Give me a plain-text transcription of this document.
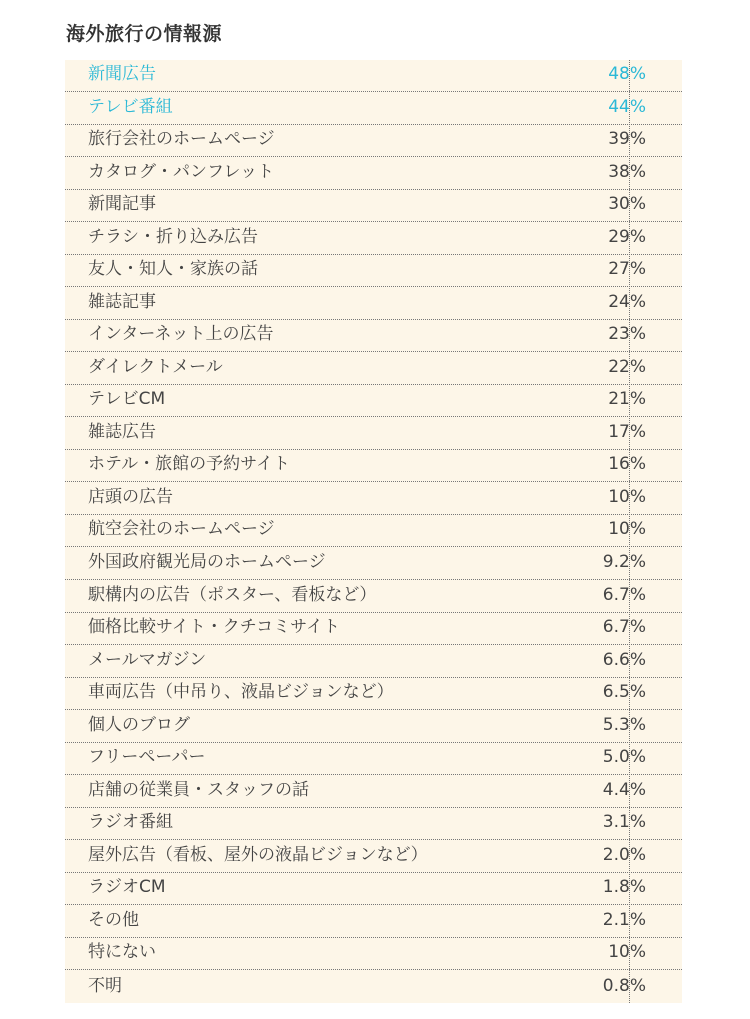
海外旅行の情報源
新聞広告	48%
テレビ番組	44%
旅行会社のホームページ	39%
カタログ・パンフレット	38%
新聞記事	30%
チラシ・折り込み広告	29%
友人・知人・家族の話	27%
雑誌記事	24%
インターネット上の広告	23%
ダイレクトメール	22%
テレビCM	21%
雑誌広告	17%
ホテル・旅館の予約サイト	16%
店頭の広告	10%
航空会社のホームページ	10%
外国政府観光局のホームページ	9.2%
駅構内の広告（ポスター、看板など）	6.7%
価格比較サイト・クチコミサイト	6.7%
メールマガジン	6.6%
車両広告（中吊り、液晶ビジョンなど）	6.5%
個人のブログ	5.3%
フリーペーパー	5.0%
店舗の従業員・スタッフの話	4.4%
ラジオ番組	3.1%
屋外広告（看板、屋外の液晶ビジョンなど）	2.0%
ラジオCM	1.8%
その他	2.1%
特にない	10%
不明	0.8%
